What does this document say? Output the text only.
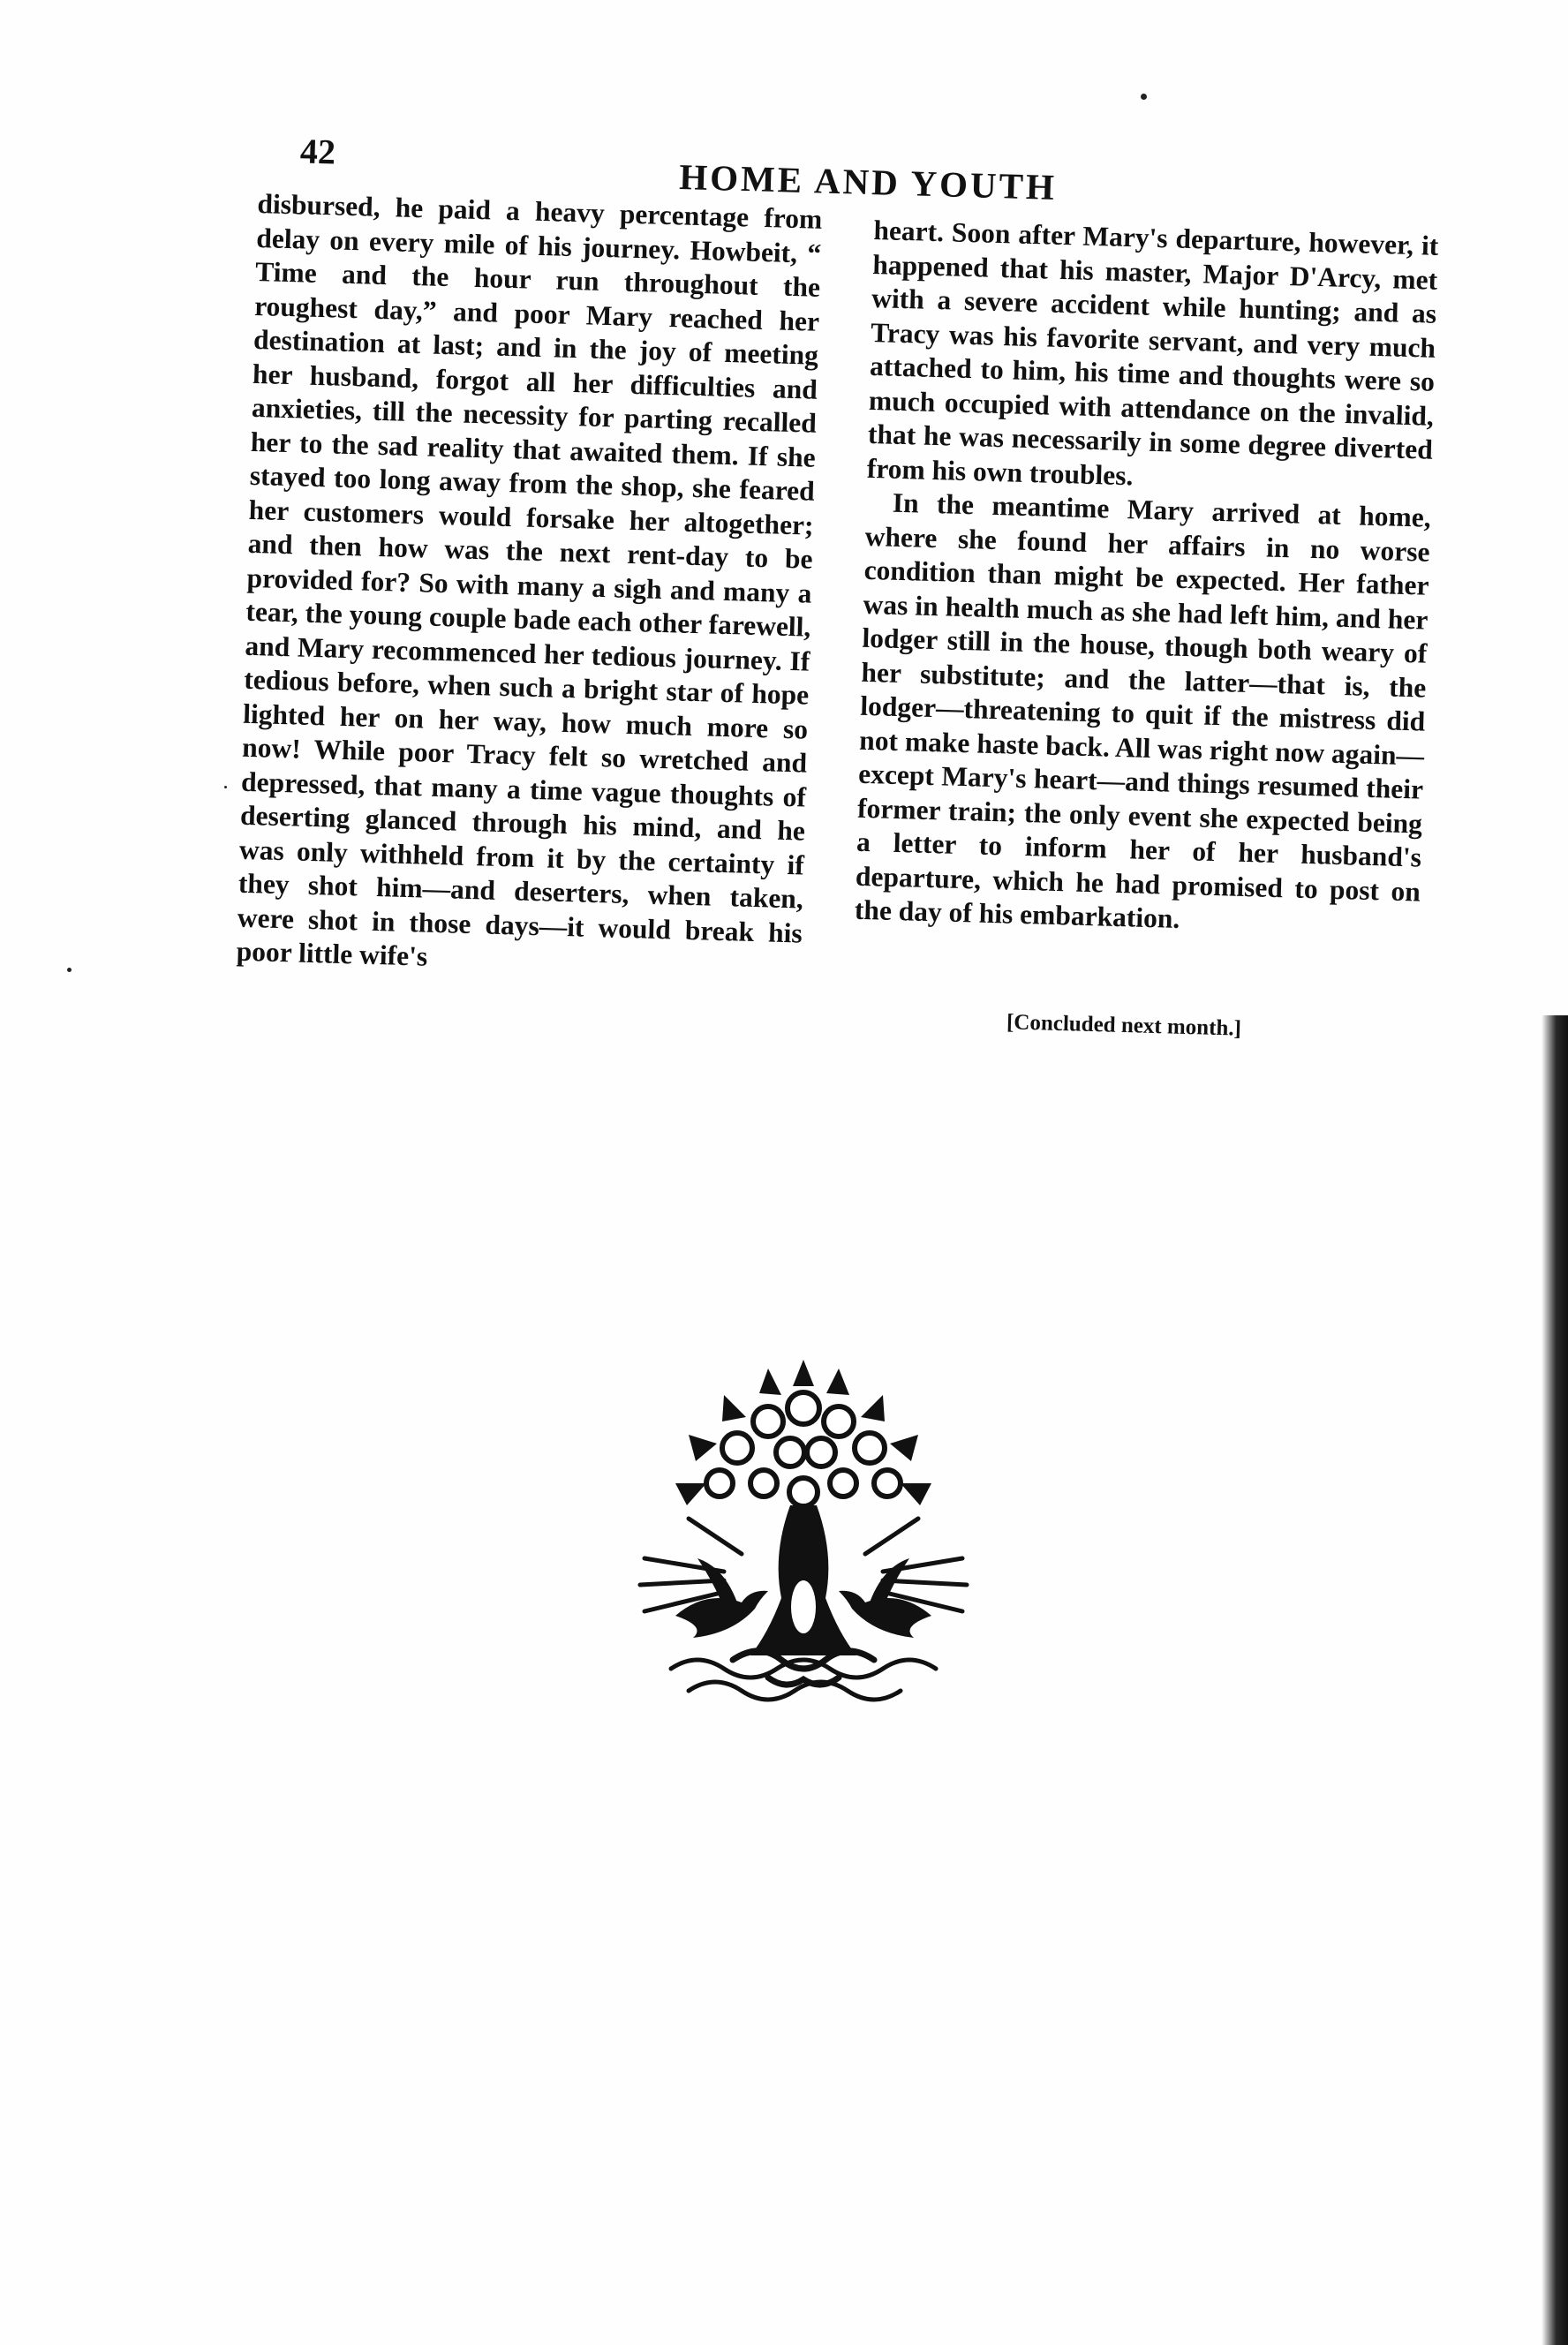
42
HOME AND YOUTH

disbursed, he paid a heavy percentage from delay on every mile of his journey. Howbeit, “ Time and the hour run throughout the roughest day,” and poor Mary reached her destination at last; and in the joy of meeting her husband, forgot all her difficulties and anxieties, till the necessity for parting recalled her to the sad reality that awaited them. If she stayed too long away from the shop, she feared her customers would forsake her altogether; and then how was the next rent-day to be provided for? So with many a sigh and many a tear, the young couple bade each other farewell, and Mary recommenced her tedious journey. If tedious before, when such a bright star of hope lighted her on her way, how much more so now! While poor Tracy felt so wretched and depressed, that many a time vague thoughts of deserting glanced through his mind, and he was only withheld from it by the certainty if they shot him—and deserters, when taken, were shot in those days—it would break his poor little wife's

heart. Soon after Mary's departure, however, it happened that his master, Major D'Arcy, met with a severe accident while hunting; and as Tracy was his favorite servant, and very much attached to him, his time and thoughts were so much occupied with attendance on the invalid, that he was necessarily in some degree diverted from his own troubles.

In the meantime Mary arrived at home, where she found her affairs in no worse condition than might be expected. Her father was in health much as she had left him, and her lodger still in the house, though both weary of her substitute; and the latter—that is, the lodger—threatening to quit if the mistress did not make haste back. All was right now again—except Mary's heart—and things resumed their former train; the only event she expected being a letter to inform her of her husband's departure, which he had promised to post on the day of his embarkation.

[Concluded next month.]
